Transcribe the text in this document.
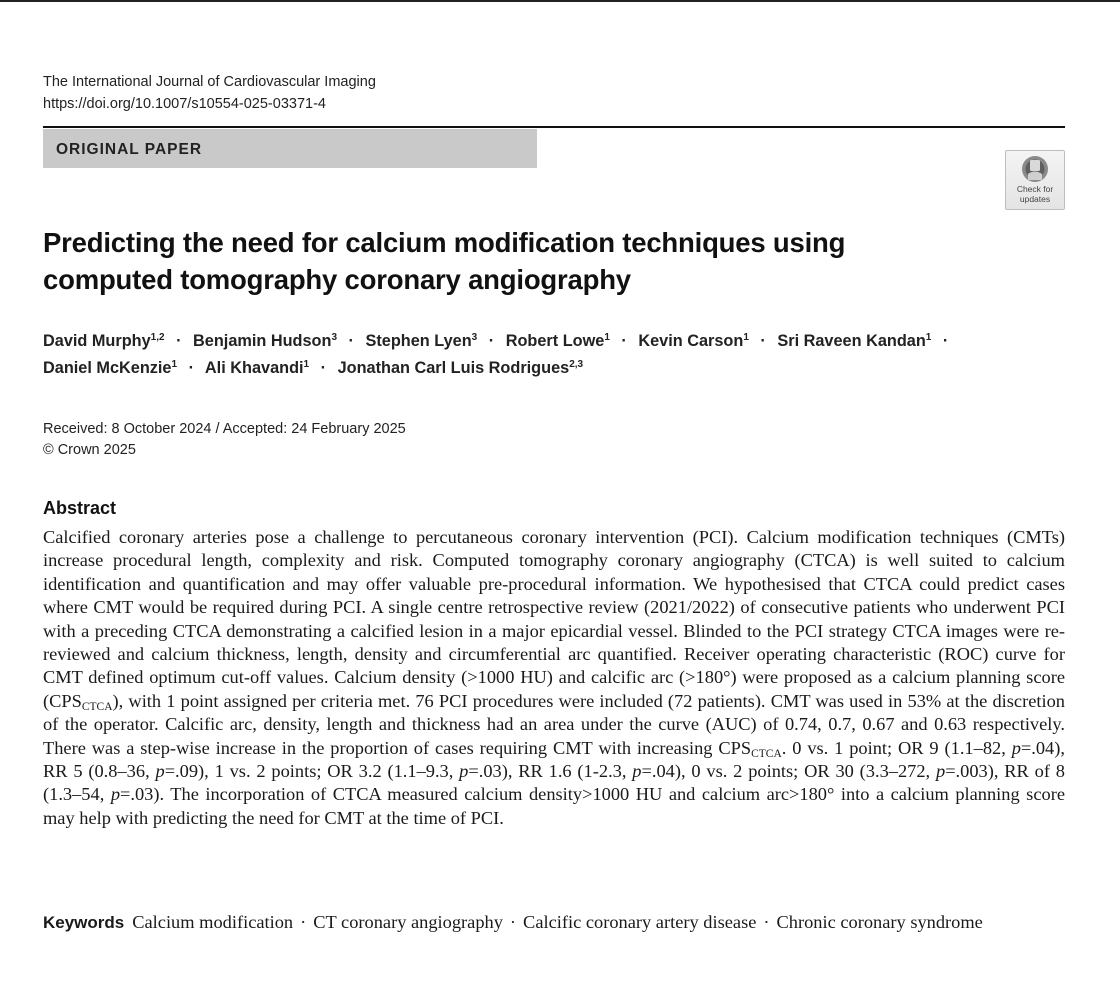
The International Journal of Cardiovascular Imaging
https://doi.org/10.1007/s10554-025-03371-4
ORIGINAL PAPER
Check for
updates
Predicting the need for calcium modification techniques using
computed tomography coronary angiography
David Murphy$^{1,2}$ · Benjamin Hudson$^3$ · Stephen Lyen$^3$ · Robert Lowe$^1$ · Kevin Carson$^1$ · Sri Raveen Kandan$^1$ ·
Daniel McKenzie$^1$ · Ali Khavandi$^1$ · Jonathan Carl Luis Rodrigues$^{2,3}$
Received: 8 October 2024 / Accepted: 24 February 2025
© Crown 2025
Abstract
Calcified coronary arteries pose a challenge to percutaneous coronary intervention (PCI). Calcium modification techniques (CMTs) increase procedural length, complexity and risk. Computed tomography coronary angiography (CTCA) is well suited to calcium identification and quantification and may offer valuable pre-procedural information. We hypothesised that CTCA could predict cases where CMT would be required during PCI. A single centre retrospective review (2021/2022) of consecutive patients who underwent PCI with a preceding CTCA demonstrating a calcified lesion in a major epicardial vessel. Blinded to the PCI strategy CTCA images were re-reviewed and calcium thickness, length, density and circumferential arc quantified. Receiver operating characteristic (ROC) curve for CMT defined optimum cut-off values. Calcium density (>1000 HU) and calcific arc (>180°) were proposed as a calcium planning score $(CPS_{CTCA})$, with 1 point assigned per criteria met. 76 PCI procedures were included (72 patients). CMT was used in 53% at the discretion of the operator. Calcific arc, density, length and thickness had an area under the curve (AUC) of 0.74, 0.7, 0.67 and 0.63 respectively. There was a step-wise increase in the proportion of cases requiring CMT with increasing $CPS_{CTCA}$. 0 vs. 1 point; OR 9 (1.1–82, p=.04), RR 5 (0.8–36, p=.09), 1 vs. 2 points; OR 3.2 (1.1–9.3, p=.03), RR 1.6 (1-2.3, p=.04), 0 vs. 2 points; OR 30 (3.3–272, p=.003), RR of 8 (1.3–54, p=.03). The incorporation of CTCA measured calcium density>1000 HU and calcium arc>180° into a calcium planning score may help with predicting the need for CMT at the time of PCI.
Keywords Calcium modification · CT coronary angiography · Calcific coronary artery disease · Chronic coronary syndrome
